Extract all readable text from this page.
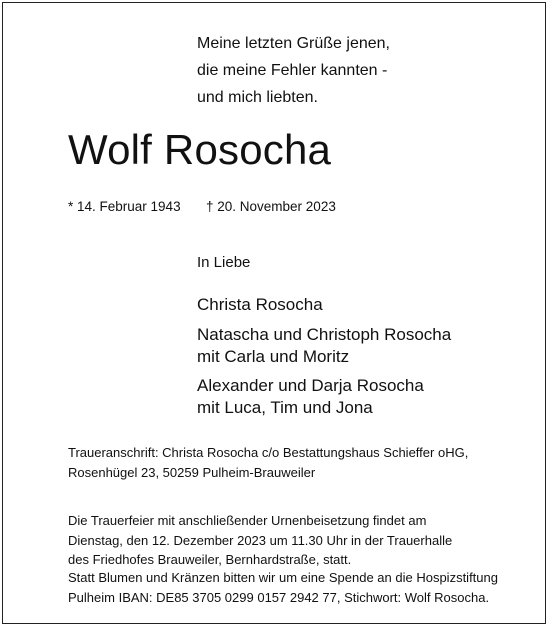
Meine letzten Grüße jenen,
die meine Fehler kannten -
und mich liebten.
Wolf Rosocha
* 14. Februar 1943 † 20. November 2023
In Liebe
Christa Rosocha
Natascha und Christoph Rosocha
mit Carla und Moritz
Alexander und Darja Rosocha
mit Luca, Tim und Jona
Traueranschrift: Christa Rosocha c/o Bestattungshaus Schieffer oHG,
Rosenhügel 23, 50259 Pulheim-Brauweiler
Die Trauerfeier mit anschließender Urnenbeisetzung findet am
Dienstag, den 12. Dezember 2023 um 11.30 Uhr in der Trauerhalle
des Friedhofes Brauweiler, Bernhardstraße, statt.
Statt Blumen und Kränzen bitten wir um eine Spende an die Hospizstiftung
Pulheim IBAN: DE85 3705 0299 0157 2942 77, Stichwort: Wolf Rosocha.
